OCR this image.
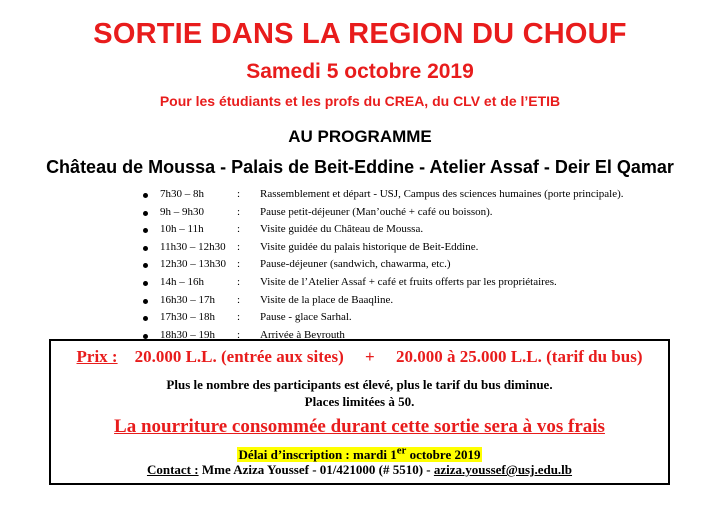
SORTIE DANS LA REGION DU CHOUF
Samedi 5 octobre 2019
Pour les étudiants et les profs du CREA, du CLV et de l’ETIB
AU PROGRAMME
Château de Moussa - Palais de Beit-Eddine - Atelier Assaf - Deir El Qamar
7h30 – 8h	: Rassemblement et départ - USJ, Campus des sciences humaines (porte principale).
9h – 9h30	: Pause petit-déjeuner (Man’ouché + café ou boisson).
10h – 11h	: Visite guidée du Château de Moussa.
11h30 – 12h30 : Visite guidée du palais historique de Beit-Eddine.
12h30 – 13h30 : Pause-déjeuner (sandwich, chawarma, etc.)
14h – 16h	: Visite de l’Atelier Assaf + café et fruits offerts par les propriétaires.
16h30 – 17h : Visite de la place de Baaqline.
17h30 – 18h : Pause - glace Sarhal.
18h30 – 19h : Arrivée à Beyrouth
Prix : 20.000 L.L. (entrée aux sites) + 20.000 à 25.000 L.L. (tarif du bus)
Plus le nombre des participants est élevé, plus le tarif du bus diminue.
Places limitées à 50.
La nourriture consommée durant cette sortie sera à vos frais
Délai d’inscription : mardi 1er octobre 2019
Contact : Mme Aziza Youssef - 01/421000 (# 5510) - aziza.youssef@usj.edu.lb
